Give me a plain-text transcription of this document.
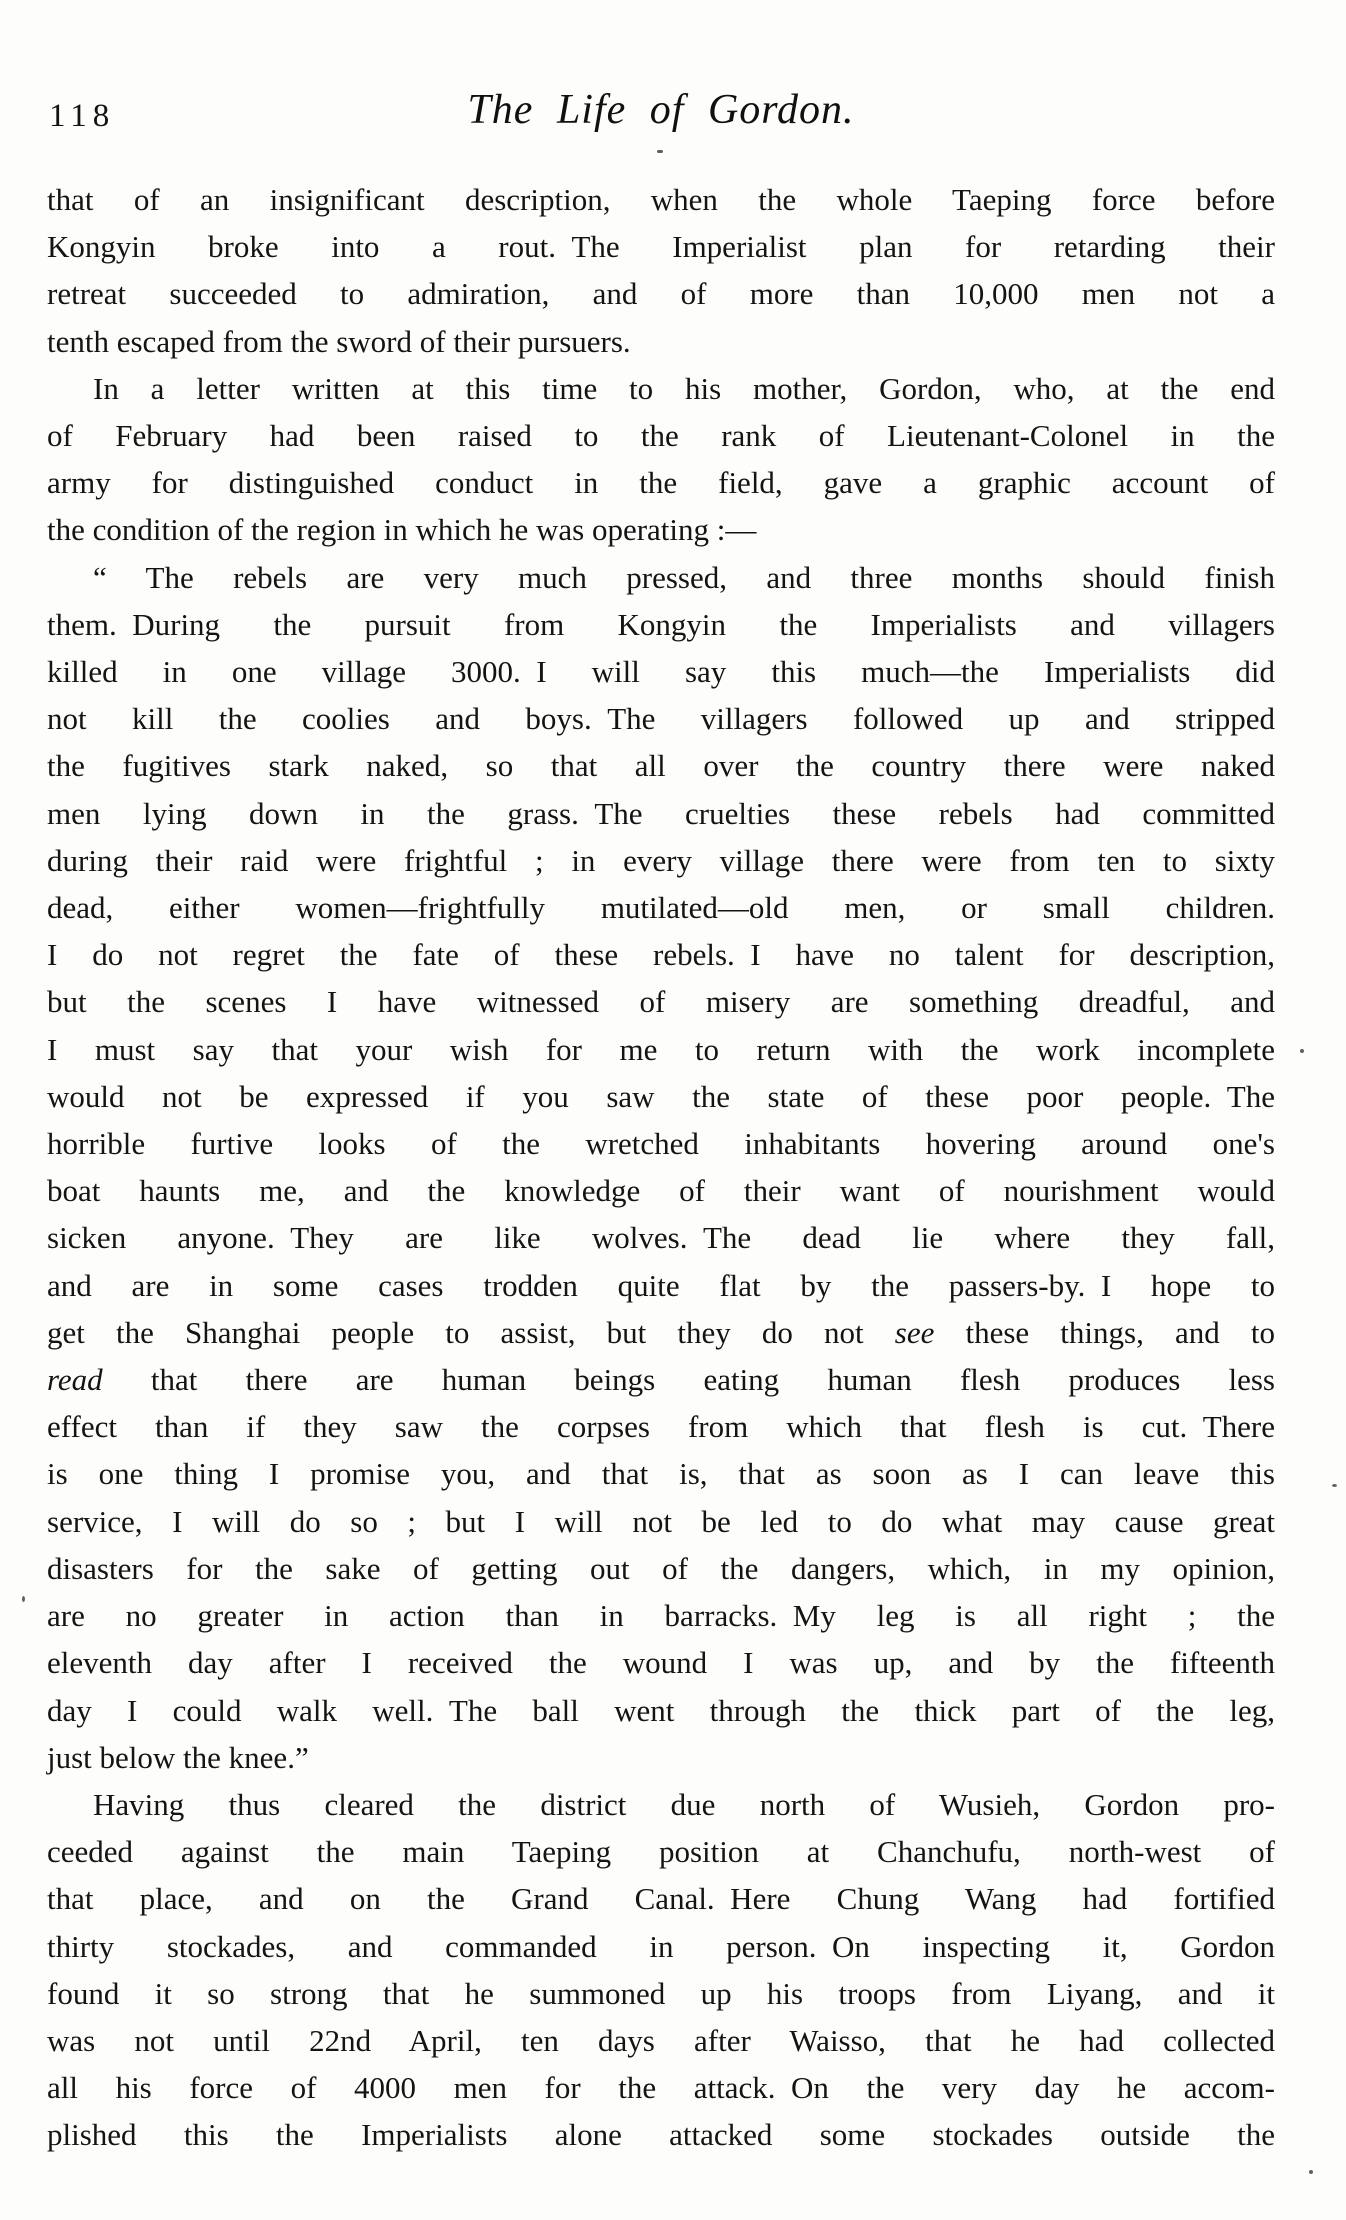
118	The Life of Gordon.
that of an insignificant description, when the whole Taeping force before
Kongyin broke into a rout. The Imperialist plan for retarding their
retreat succeeded to admiration, and of more than 10,000 men not a
tenth escaped from the sword of their pursuers.
In a letter written at this time to his mother, Gordon, who, at the end
of February had been raised to the rank of Lieutenant-Colonel in the
army for distinguished conduct in the field, gave a graphic account of
the condition of the region in which he was operating :—
“ The rebels are very much pressed, and three months should finish
them. During the pursuit from Kongyin the Imperialists and villagers
killed in one village 3000. I will say this much—the Imperialists did
not kill the coolies and boys. The villagers followed up and stripped
the fugitives stark naked, so that all over the country there were naked
men lying down in the grass. The cruelties these rebels had committed
during their raid were frightful ; in every village there were from ten to sixty
dead, either women—frightfully mutilated—old men, or small children.
I do not regret the fate of these rebels. I have no talent for description,
but the scenes I have witnessed of misery are something dreadful, and
I must say that your wish for me to return with the work incomplete
would not be expressed if you saw the state of these poor people. The
horrible furtive looks of the wretched inhabitants hovering around one's
boat haunts me, and the knowledge of their want of nourishment would
sicken anyone. They are like wolves. The dead lie where they fall,
and are in some cases trodden quite flat by the passers-by. I hope to
get the Shanghai people to assist, but they do not see these things, and to
read that there are human beings eating human flesh produces less
effect than if they saw the corpses from which that flesh is cut. There
is one thing I promise you, and that is, that as soon as I can leave this
service, I will do so ; but I will not be led to do what may cause great
disasters for the sake of getting out of the dangers, which, in my opinion,
are no greater in action than in barracks. My leg is all right ; the
eleventh day after I received the wound I was up, and by the fifteenth
day I could walk well. The ball went through the thick part of the leg,
just below the knee.”
Having thus cleared the district due north of Wusieh, Gordon pro-
ceeded against the main Taeping position at Chanchufu, north-west of
that place, and on the Grand Canal. Here Chung Wang had fortified
thirty stockades, and commanded in person. On inspecting it, Gordon
found it so strong that he summoned up his troops from Liyang, and it
was not until 22nd April, ten days after Waisso, that he had collected
all his force of 4000 men for the attack. On the very day he accom-
plished this the Imperialists alone attacked some stockades outside the
